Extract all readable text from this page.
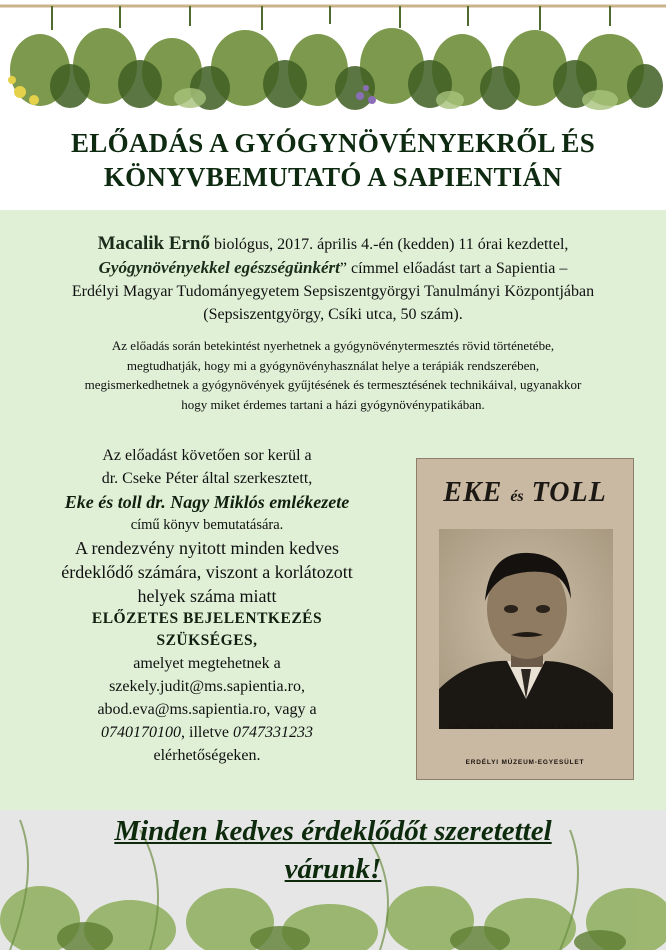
ELŐADÁS A GYÓGYNÖVÉNYEKRŐL ÉS
KÖNYVBEMUTATÓ A SAPIENTIÁN
Macalik Ernő biológus, 2017. április 4.-én (kedden) 11 órai kezdettel,
Gyógynövényekkel egészségünkért” címmel előadást tart a Sapientia –
Erdélyi Magyar Tudományegyetem Sepsiszentgyörgyi Tanulmányi Központjában
(Sepsiszentgyörgy, Csíki utca, 50 szám).
Az előadás során betekintést nyerhetnek a gyógynövénytermesztés rövid történetébe,
megtudhatják, hogy mi a gyógynövényhasználat helye a terápiák rendszerében,
megismerkedhetnek a gyógynövények gyűjtésének és termesztésének technikáival, ugyanakkor
hogy miket érdemes tartani a házi gyógynövénypatikában.
Az előadást követően sor kerül a
dr. Cseke Péter által szerkesztett,
Eke és toll dr. Nagy Miklós emlékezete
című könyv bemutatására.
A rendezvény nyitott minden kedves
érdeklődő számára, viszont a korlátozott
helyek száma miatt
ELŐZETES BEJELENTKEZÉS
SZÜKSÉGES,
amelyet megtehetnek a
szekely.judit@ms.sapientia.ro,
abod.eva@ms.sapientia.ro, vagy a
0740170100, illetve 0747331233
elérhetőségeken.
EKE és TOLL
DR. NAGY MIKLÓS EMLÉKEZETE
ERDÉLYI MÚZEUM-EGYESÜLET
Minden kedves érdeklődőt szeretettel
várunk!
